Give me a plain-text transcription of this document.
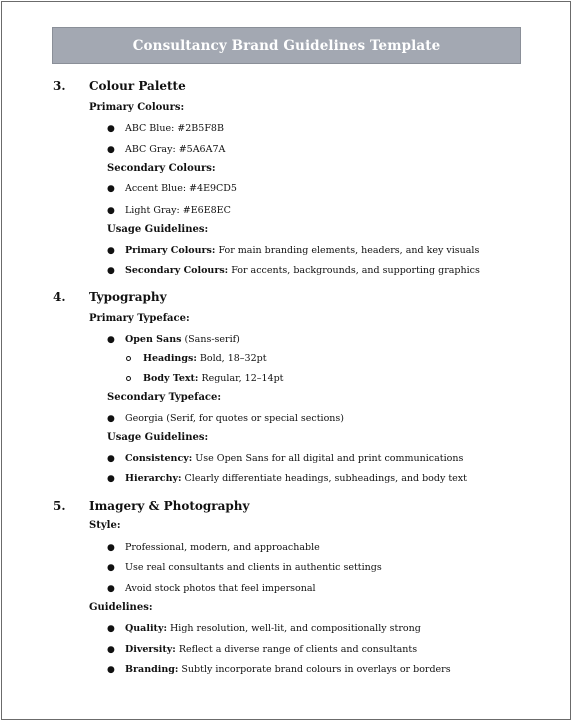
Consultancy Brand Guidelines Template
3. Colour Palette
Primary Colours:
● ABC Blue: #2B5F8B
● ABC Gray: #5A6A7A
Secondary Colours:
● Accent Blue: #4E9CD5
● Light Gray: #E6E8EC
Usage Guidelines:
● Primary Colours: For main branding elements, headers, and key visuals
● Secondary Colours: For accents, backgrounds, and supporting graphics
4. Typography
Primary Typeface:
● Open Sans (Sans-serif)
Headings: Bold, 18–32pt
Body Text: Regular, 12–14pt
Secondary Typeface:
● Georgia (Serif, for quotes or special sections)
Usage Guidelines:
● Consistency: Use Open Sans for all digital and print communications
● Hierarchy: Clearly differentiate headings, subheadings, and body text
5. Imagery & Photography
Style:
● Professional, modern, and approachable
● Use real consultants and clients in authentic settings
● Avoid stock photos that feel impersonal
Guidelines:
● Quality: High resolution, well-lit, and compositionally strong
● Diversity: Reflect a diverse range of clients and consultants
● Branding: Subtly incorporate brand colours in overlays or borders
